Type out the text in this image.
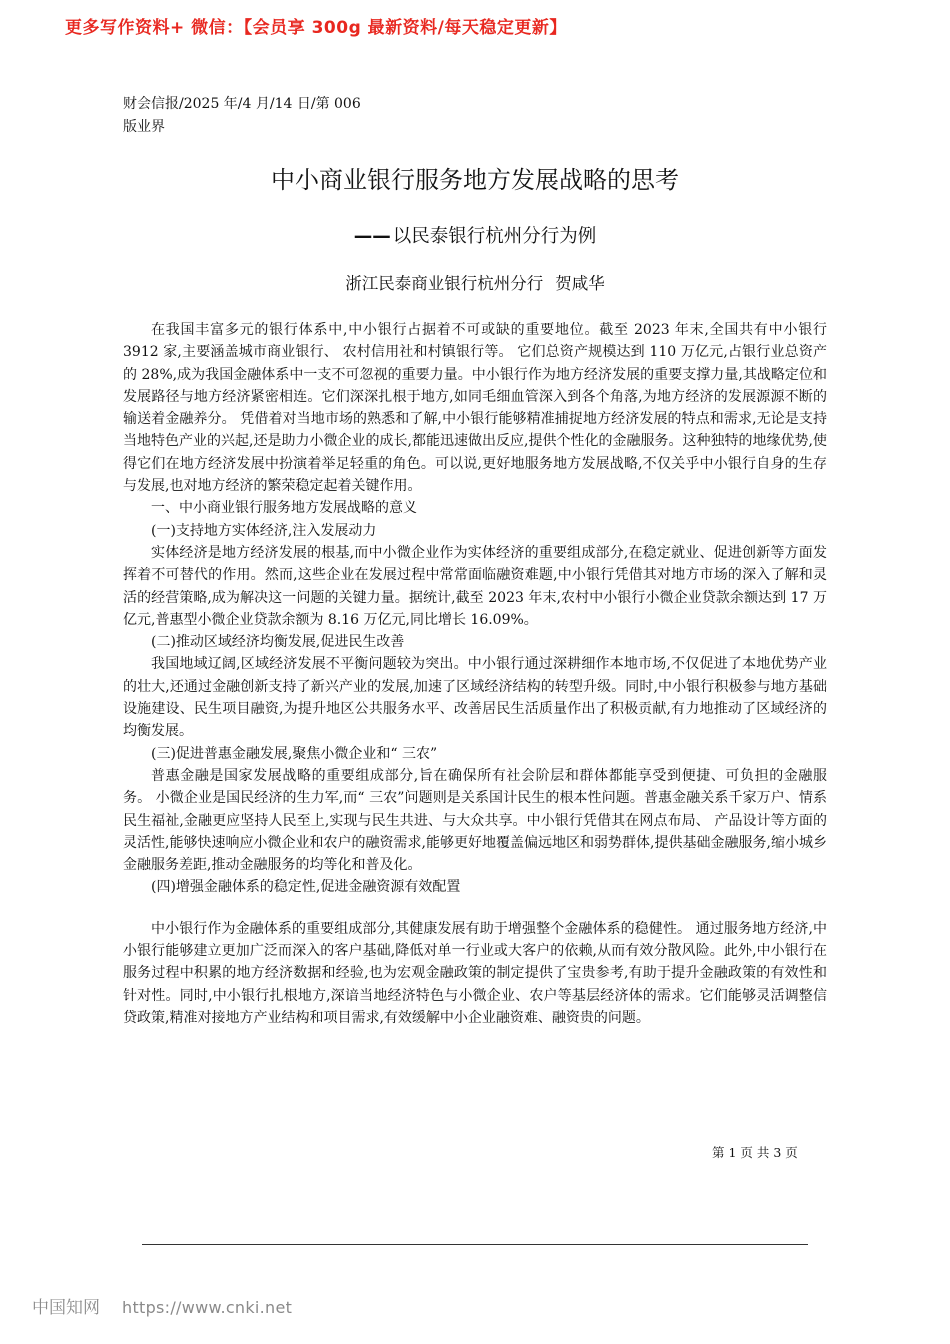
更多写作资料+ 微信：【会员享 300g 最新资料/每天稳定更新】
财会信报/2025 年/4 月/14 日/第 006
版业界
中小商业银行服务地方发展战略的思考
—— 以民泰银行杭州分行为例
浙江民泰商业银行杭州分行 贺咸华

在我国丰富多元的银行体系中,中小银行占据着不可或缺的重要地位。截至 2023 年末,全国共有中小银行 3912 家,主要涵盖城市商业银行、 农村信用社和村镇银行等。 它们总资产规模达到 110 万亿元,占银行业总资产的 28%,成为我国金融体系中一支不可忽视的重要力量。中小银行作为地方经济发展的重要支撑力量,其战略定位和发展路径与地方经济紧密相连。它们深深扎根于地方,如同毛细血管深入到各个角落,为地方经济的发展源源不断的输送着金融养分。 凭借着对当地市场的熟悉和了解,中小银行能够精准捕捉地方经济发展的特点和需求,无论是支持当地特色产业的兴起,还是助力小微企业的成长,都能迅速做出反应,提供个性化的金融服务。这种独特的地缘优势,使得它们在地方经济发展中扮演着举足轻重的角色。可以说,更好地服务地方发展战略,不仅关乎中小银行自身的生存与发展,也对地方经济的繁荣稳定起着关键作用。

一、中小商业银行服务地方发展战略的意义

(一)支持地方实体经济,注入发展动力

实体经济是地方经济发展的根基,而中小微企业作为实体经济的重要组成部分,在稳定就业、促进创新等方面发挥着不可替代的作用。然而,这些企业在发展过程中常常面临融资难题,中小银行凭借其对地方市场的深入了解和灵活的经营策略,成为解决这一问题的关键力量。据统计,截至 2023 年末,农村中小银行小微企业贷款余额达到 17 万亿元,普惠型小微企业贷款余额为 8.16 万亿元,同比增长 16.09%。

(二)推动区域经济均衡发展,促进民生改善

我国地域辽阔,区域经济发展不平衡问题较为突出。中小银行通过深耕细作本地市场,不仅促进了本地优势产业的壮大,还通过金融创新支持了新兴产业的发展,加速了区域经济结构的转型升级。同时,中小银行积极参与地方基础设施建设、民生项目融资,为提升地区公共服务水平、改善居民生活质量作出了积极贡献,有力地推动了区域经济的均衡发展。

(三)促进普惠金融发展,聚焦小微企业和“ 三农”

普惠金融是国家发展战略的重要组成部分,旨在确保所有社会阶层和群体都能享受到便捷、可负担的金融服务。 小微企业是国民经济的生力军,而“ 三农”问题则是关系国计民生的根本性问题。普惠金融关系千家万户、情系民生福祉,金融更应坚持人民至上,实现与民生共进、与大众共享。中小银行凭借其在网点布局、 产品设计等方面的灵活性,能够快速响应小微企业和农户的融资需求,能够更好地覆盖偏远地区和弱势群体,提供基础金融服务,缩小城乡金融服务差距,推动金融服务的均等化和普及化。

(四)增强金融体系的稳定性,促进金融资源有效配置

中小银行作为金融体系的重要组成部分,其健康发展有助于增强整个金融体系的稳健性。 通过服务地方经济,中小银行能够建立更加广泛而深入的客户基础,降低对单一行业或大客户的依赖,从而有效分散风险。此外,中小银行在服务过程中积累的地方经济数据和经验,也为宏观金融政策的制定提供了宝贵参考,有助于提升金融政策的有效性和针对性。同时,中小银行扎根地方,深谙当地经济特色与小微企业、农户等基层经济体的需求。它们能够灵活调整信贷政策,精准对接地方产业结构和项目需求,有效缓解中小企业融资难、融资贵的问题。

第 1 页 共 3 页
中国知网 https://www.cnki.net
